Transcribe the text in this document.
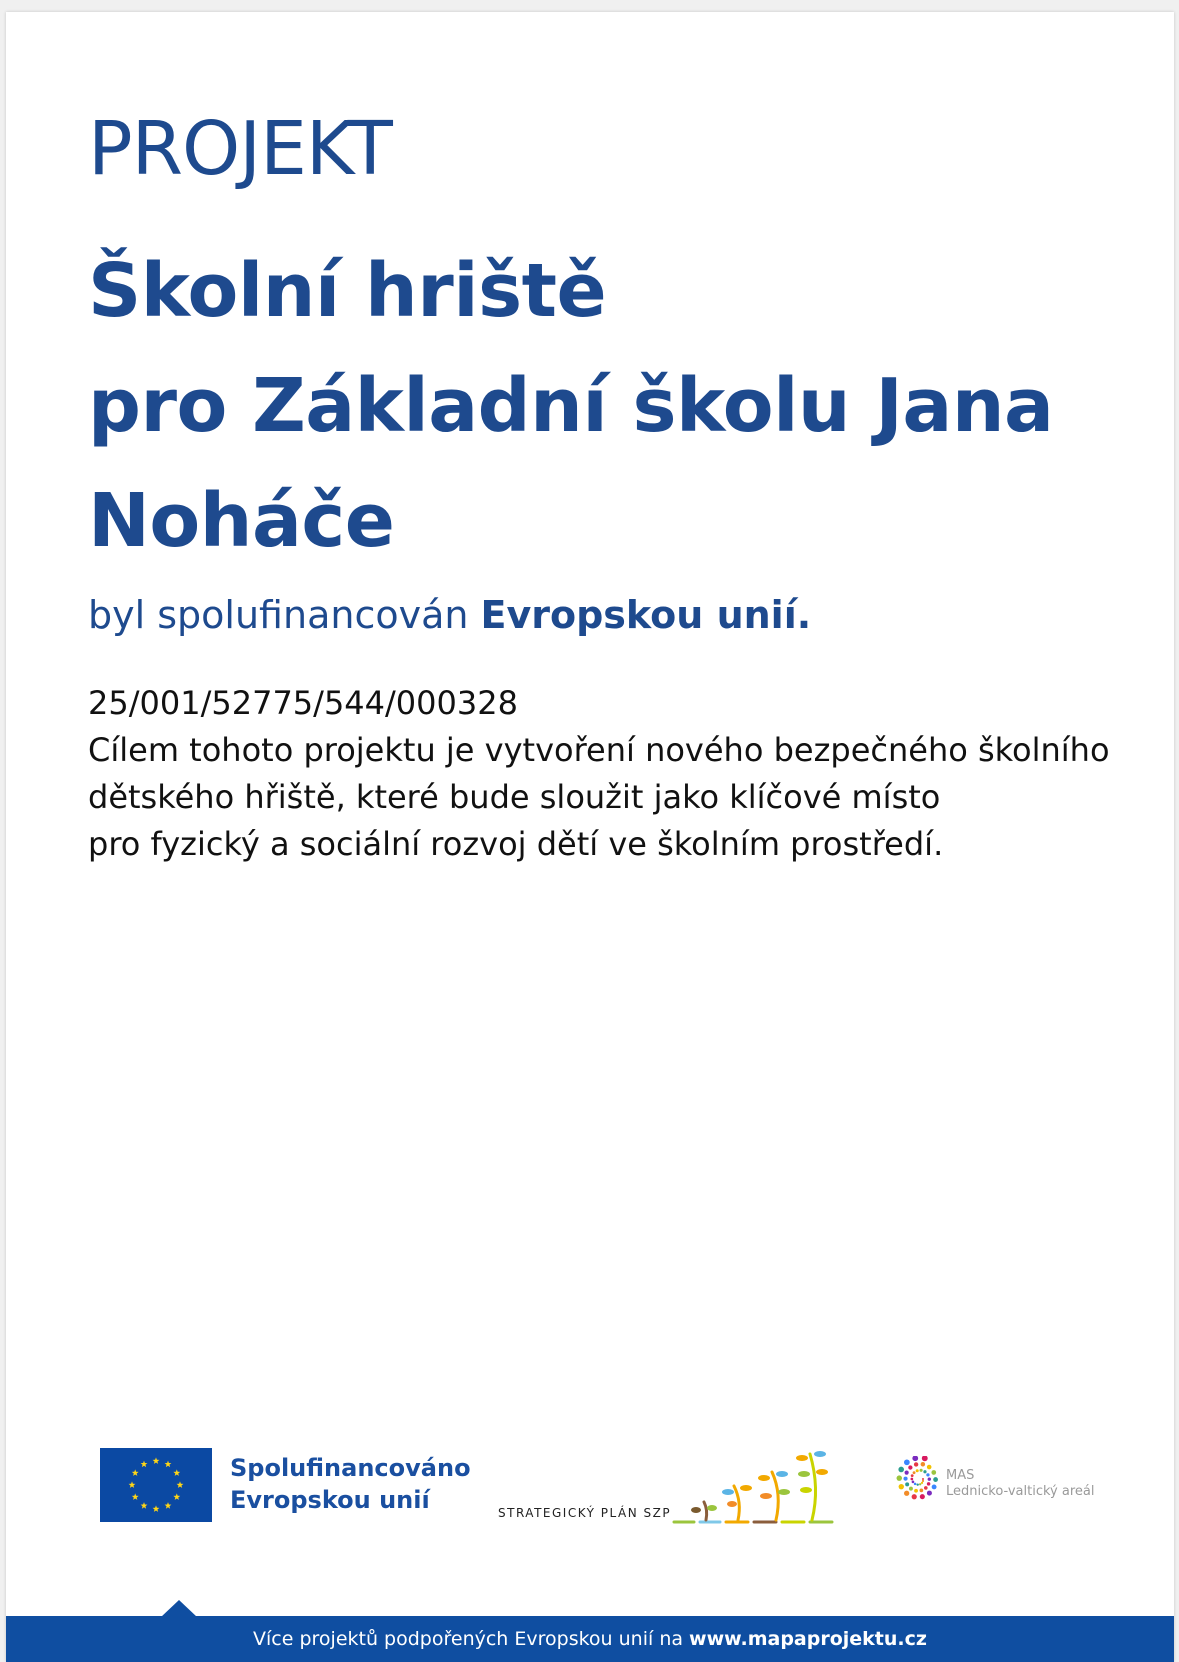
PROJEKT
Školní hriště
pro Základní školu Jana
Noháče
byl spolufinancován Evropskou unií.
25/001/52775/544/000328
Cílem tohoto projektu je vytvoření nového bezpečného školního
dětského hřiště, které bude sloužit jako klíčové místo
pro fyzický a sociální rozvoj dětí ve školním prostředí.
Spolufinancováno
Evropskou unií	STRATEGICKÝ PLÁN SZP
MAS
Lednicko-valtický areál
Více projektů podpořených Evropskou unií na www.mapaprojektu.cz
